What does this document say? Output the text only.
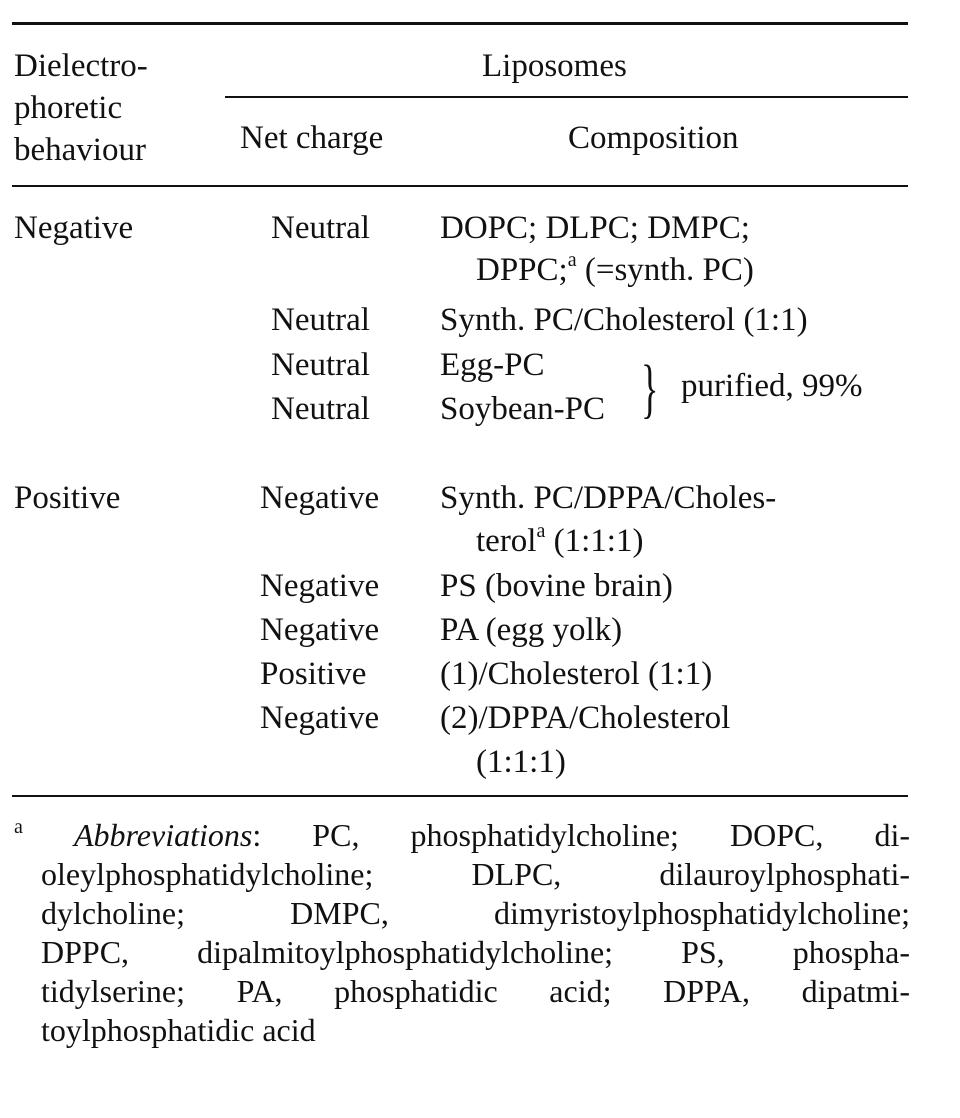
Dielectro-
phoretic
behaviour
Liposomes
Net charge	Composition
Negative	Neutral DOPC; DLPC; DMPC;
DPPC;$^a$ (=synth. PC)
Neutral Synth. PC/Cholesterol (1:1)
Neutral Egg-PC
Neutral Soybean-PC } purified, 99%
Positive	Negative Synth. PC/DPPA/Choles-
terol$^a$ (1:1:1)
Negative PS (bovine brain)
Negative PA (egg yolk)
Positive (1)/Cholesterol (1:1)
Negative (2)/DPPA/Cholesterol
(1:1:1)
$^a$ Abbreviations: PC, phosphatidylcholine; DOPC, di-
oleylphosphatidylcholine; DLPC, dilauroylphosphati-
dylcholine; DMPC, dimyristoylphosphatidylcholine;
DPPC, dipalmitoylphosphatidylcholine; PS, phospha-
tidylserine; PA, phosphatidic acid; DPPA, dipatmi-
toylphosphatidic acid
